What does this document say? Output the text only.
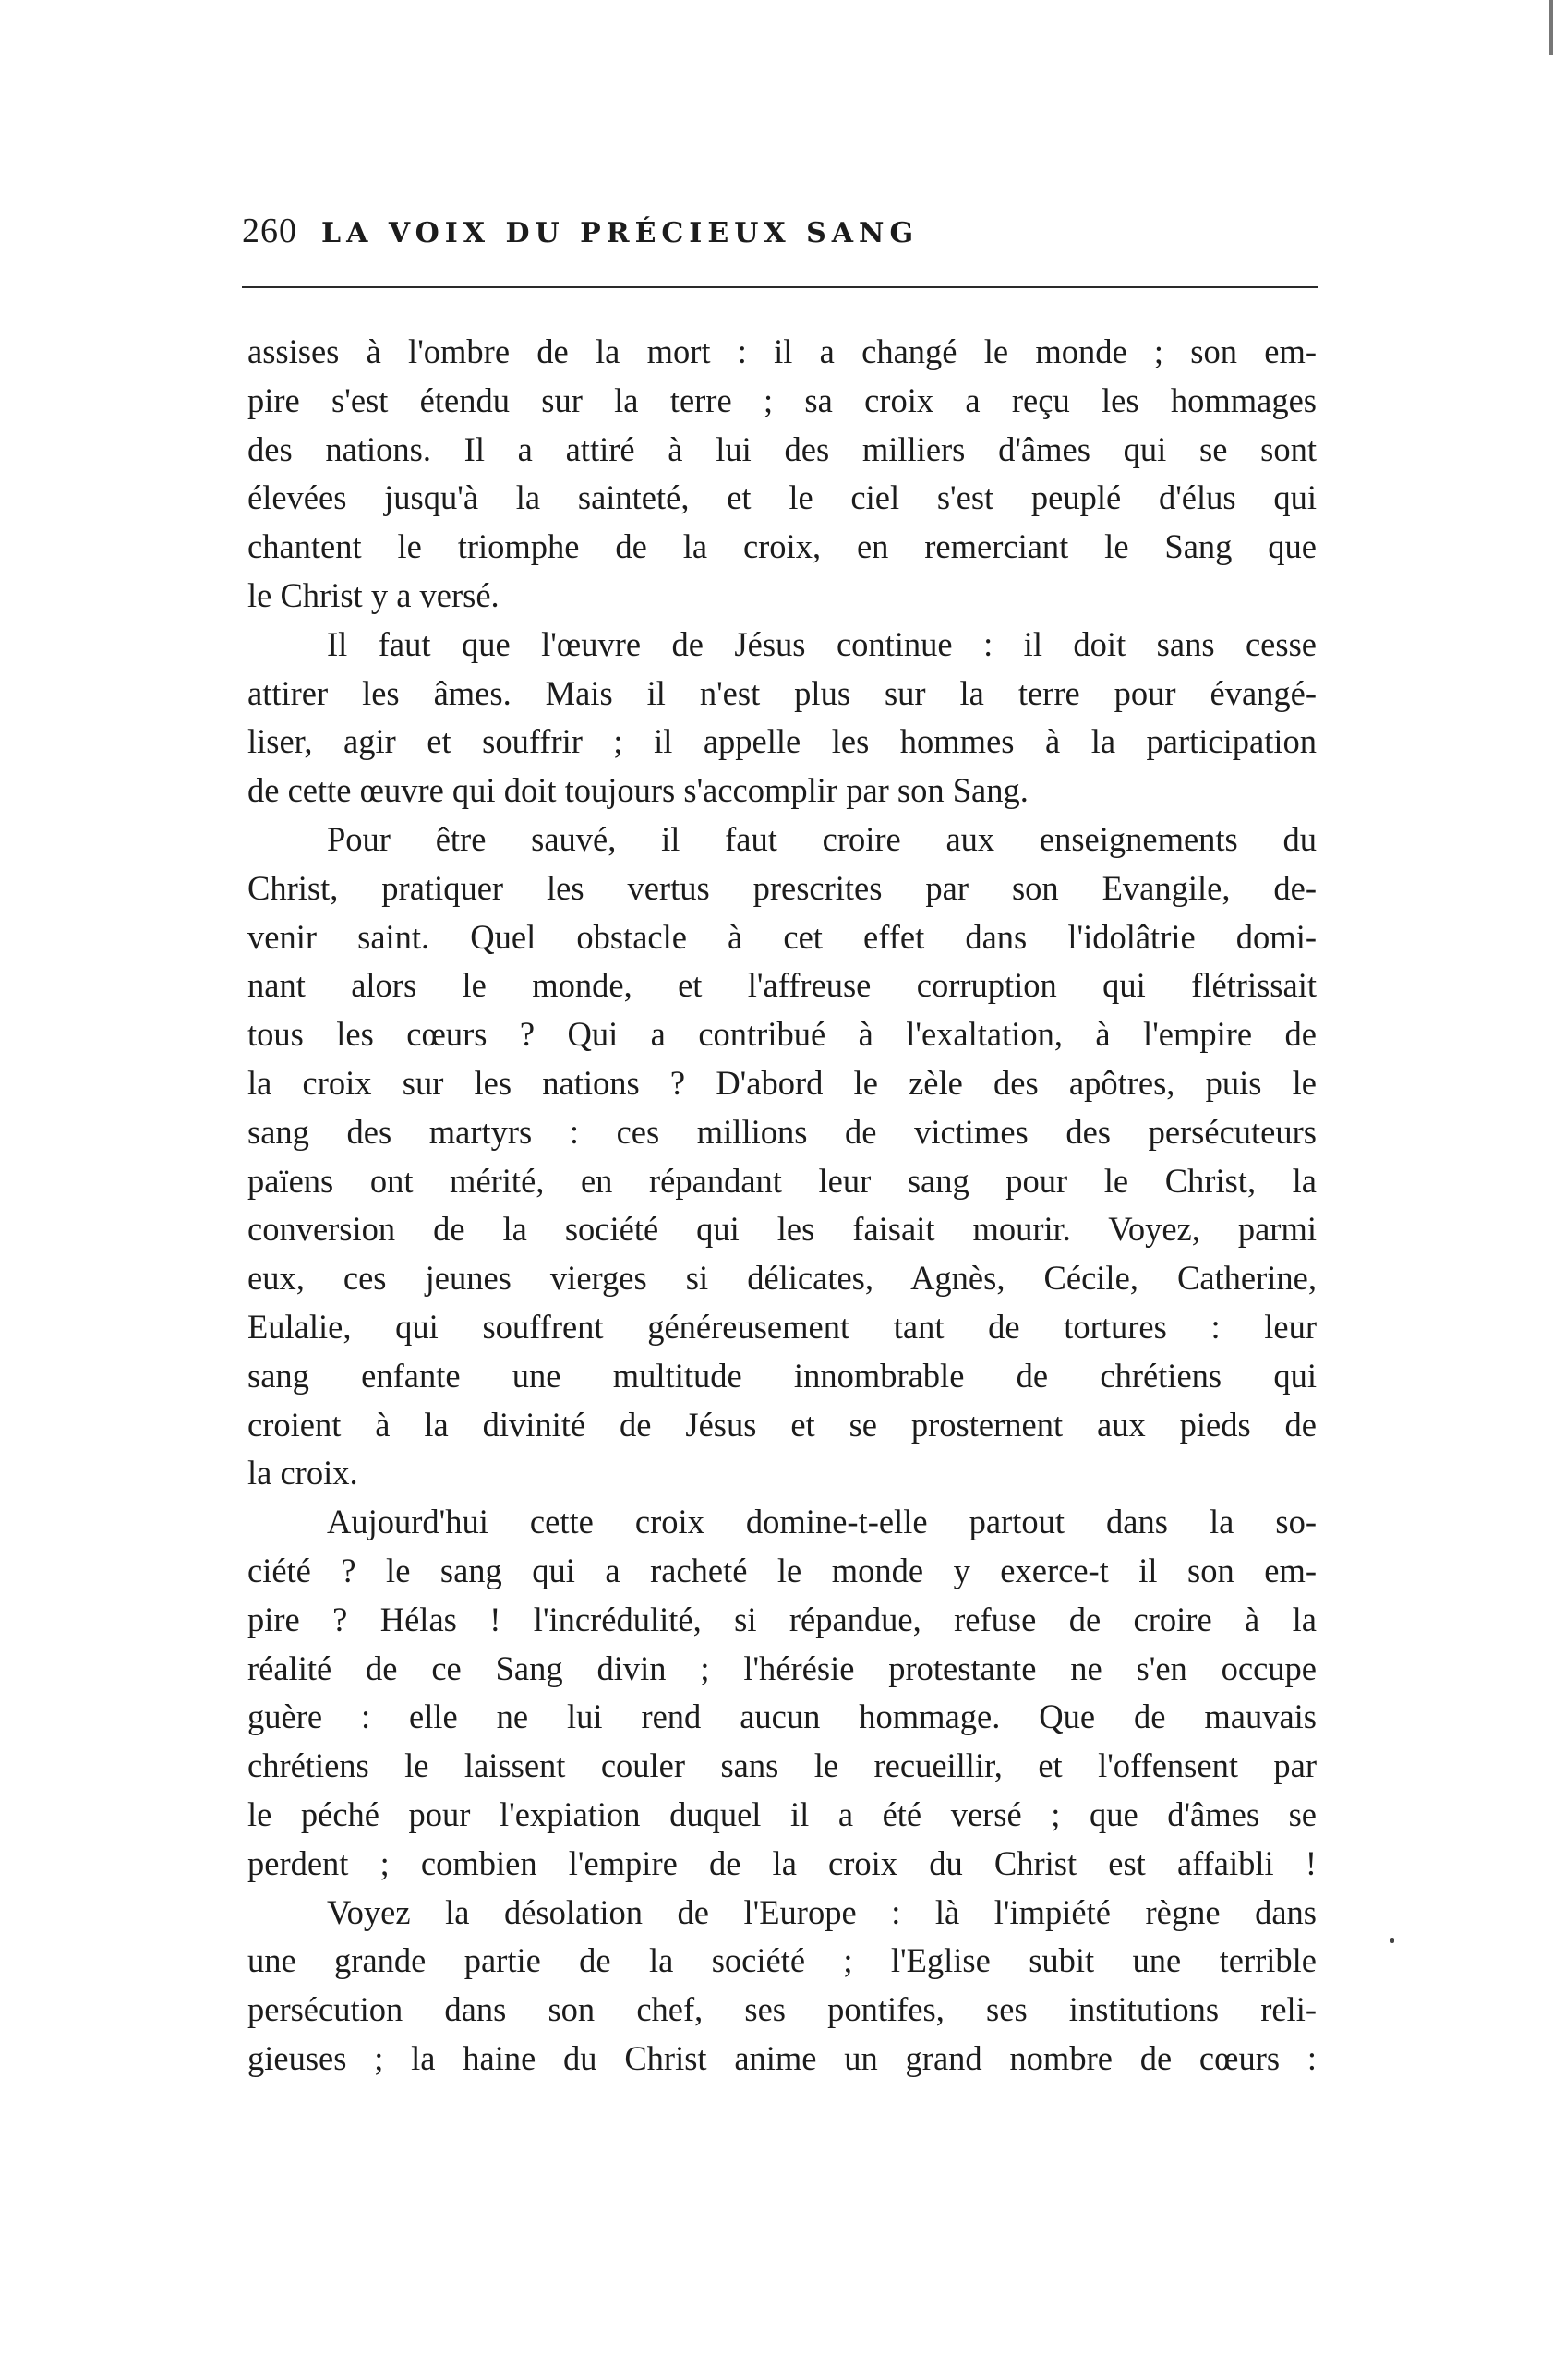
260 LA VOIX DU PRÉCIEUX SANG
assises à l'ombre de la mort : il a changé le monde ; son em-
pire s'est étendu sur la terre ; sa croix a reçu les hommages
des nations. Il a attiré à lui des milliers d'âmes qui se sont
élevées jusqu'à la sainteté, et le ciel s'est peuplé d'élus qui
chantent le triomphe de la croix, en remerciant le Sang que
le Christ y a versé.
Il faut que l'œuvre de Jésus continue : il doit sans cesse
attirer les âmes. Mais il n'est plus sur la terre pour évangé-
liser, agir et souffrir ; il appelle les hommes à la participation
de cette œuvre qui doit toujours s'accomplir par son Sang.
Pour être sauvé, il faut croire aux enseignements du
Christ, pratiquer les vertus prescrites par son Evangile, de-
venir saint. Quel obstacle à cet effet dans l'idolâtrie domi-
nant alors le monde, et l'affreuse corruption qui flétrissait
tous les cœurs ? Qui a contribué à l'exaltation, à l'empire de
la croix sur les nations ? D'abord le zèle des apôtres, puis le
sang des martyrs : ces millions de victimes des persécuteurs
païens ont mérité, en répandant leur sang pour le Christ, la
conversion de la société qui les faisait mourir. Voyez, parmi
eux, ces jeunes vierges si délicates, Agnès, Cécile, Catherine,
Eulalie, qui souffrent généreusement tant de tortures : leur
sang enfante une multitude innombrable de chrétiens qui
croient à la divinité de Jésus et se prosternent aux pieds de
la croix.
Aujourd'hui cette croix domine-t-elle partout dans la so-
ciété ? le sang qui a racheté le monde y exerce-t il son em-
pire ? Hélas ! l'incrédulité, si répandue, refuse de croire à la
réalité de ce Sang divin ; l'hérésie protestante ne s'en occupe
guère : elle ne lui rend aucun hommage. Que de mauvais
chrétiens le laissent couler sans le recueillir, et l'offensent par
le péché pour l'expiation duquel il a été versé ; que d'âmes se
perdent ; combien l'empire de la croix du Christ est affaibli !
Voyez la désolation de l'Europe : là l'impiété règne dans
une grande partie de la société ; l'Eglise subit une terrible
persécution dans son chef, ses pontifes, ses institutions reli-
gieuses ; la haine du Christ anime un grand nombre de cœurs :
